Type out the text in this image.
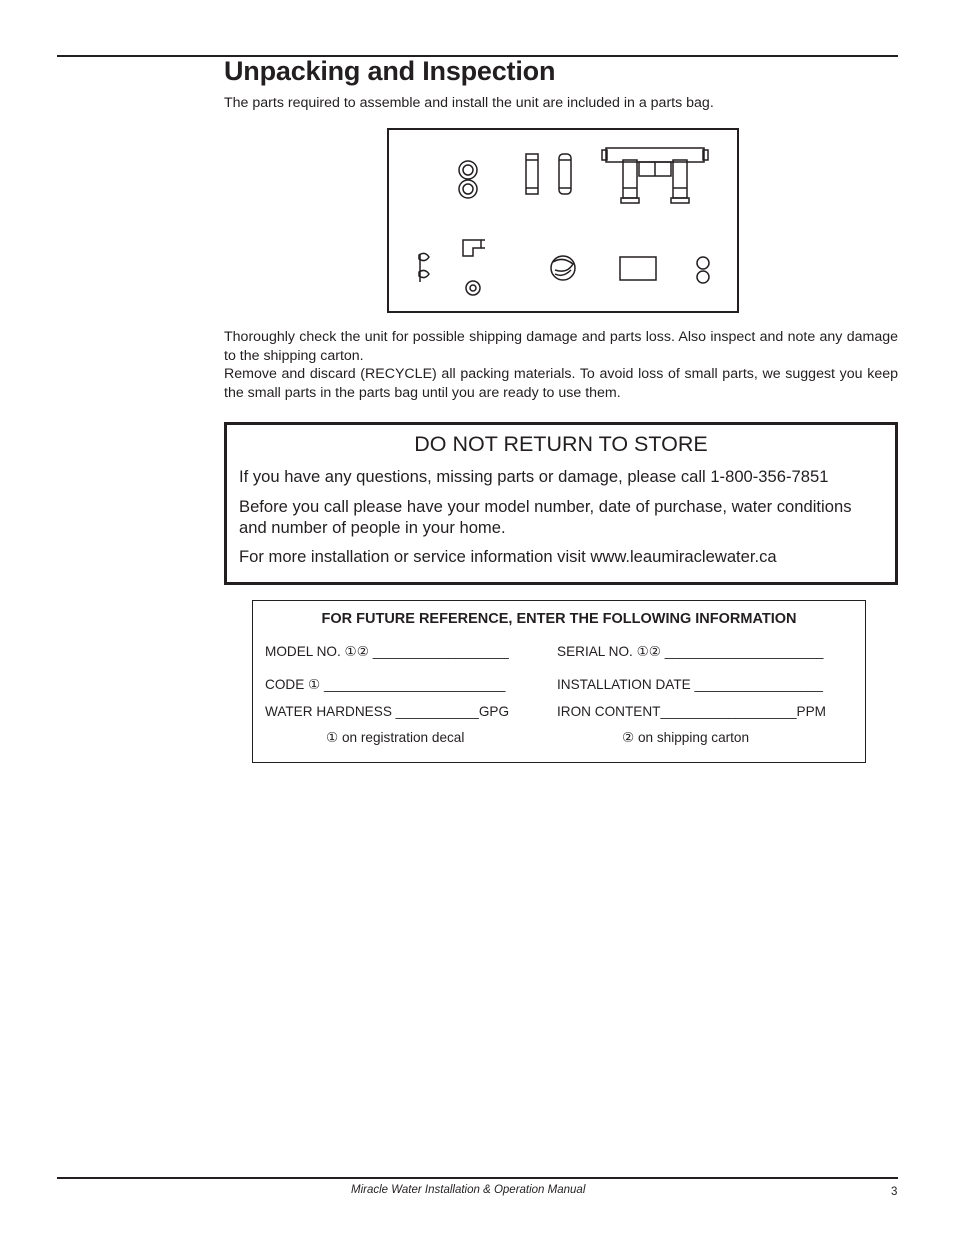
Unpacking and Inspection

The parts required to assemble and install the unit are included in a parts bag.

Thoroughly check the unit for possible shipping damage and parts loss. Also inspect and note any damage to the shipping carton.

Remove and discard (RECYCLE) all packing materials. To avoid loss of small parts, we suggest you keep the small parts in the parts bag until you are ready to use them.

DO NOT RETURN TO STORE

If you have any questions, missing parts or damage, please call 1-800-356-7851

Before you call please have your model number, date of purchase, water conditions and number of people in your home.

For more installation or service information visit www.leaumiraclewater.ca

FOR FUTURE REFERENCE, ENTER THE FOLLOWING INFORMATION
MODEL NO. ①② __________________	SERIAL NO. ①② _____________________
CODE ① ________________________	INSTALLATION DATE _________________
WATER HARDNESS ___________GPG	IRON CONTENT__________________PPM
① on registration decal	② on shipping carton
Miracle Water Installation & Operation Manual	3
